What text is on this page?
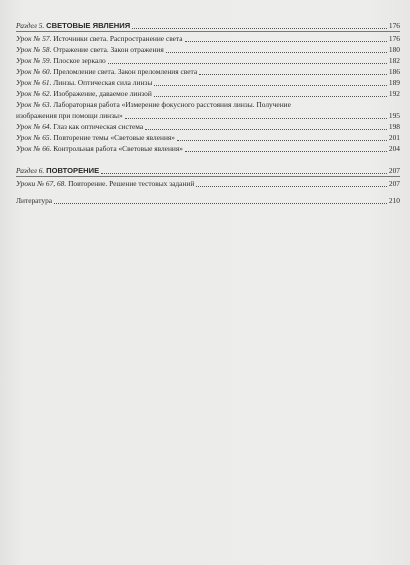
Раздел 5. СВЕТОВЫЕ ЯВЛЕНИЯ	176
Урок № 57. Источники света. Распространение света	176
Урок № 58. Отражение света. Закон отражения	180
Урок № 59. Плоское зеркало	182
Урок № 60. Преломление света. Закон преломления света	186
Урок № 61. Линзы. Оптическая сила линзы	189
Урок № 62. Изображение, даваемое линзой	192
Урок № 63. Лабораторная работа «Измерение фокусного расстояния линзы. Получение
изображения при помощи линзы»	195
Урок № 64. Глаз как оптическая система	198
Урок № 65. Повторение темы «Световые явления»	201
Урок № 66. Контрольная работа «Световые явления»	204
Раздел 6. ПОВТОРЕНИЕ	207
Уроки № 67, 68. Повторение. Решение тестовых заданий	207
Литература	210
